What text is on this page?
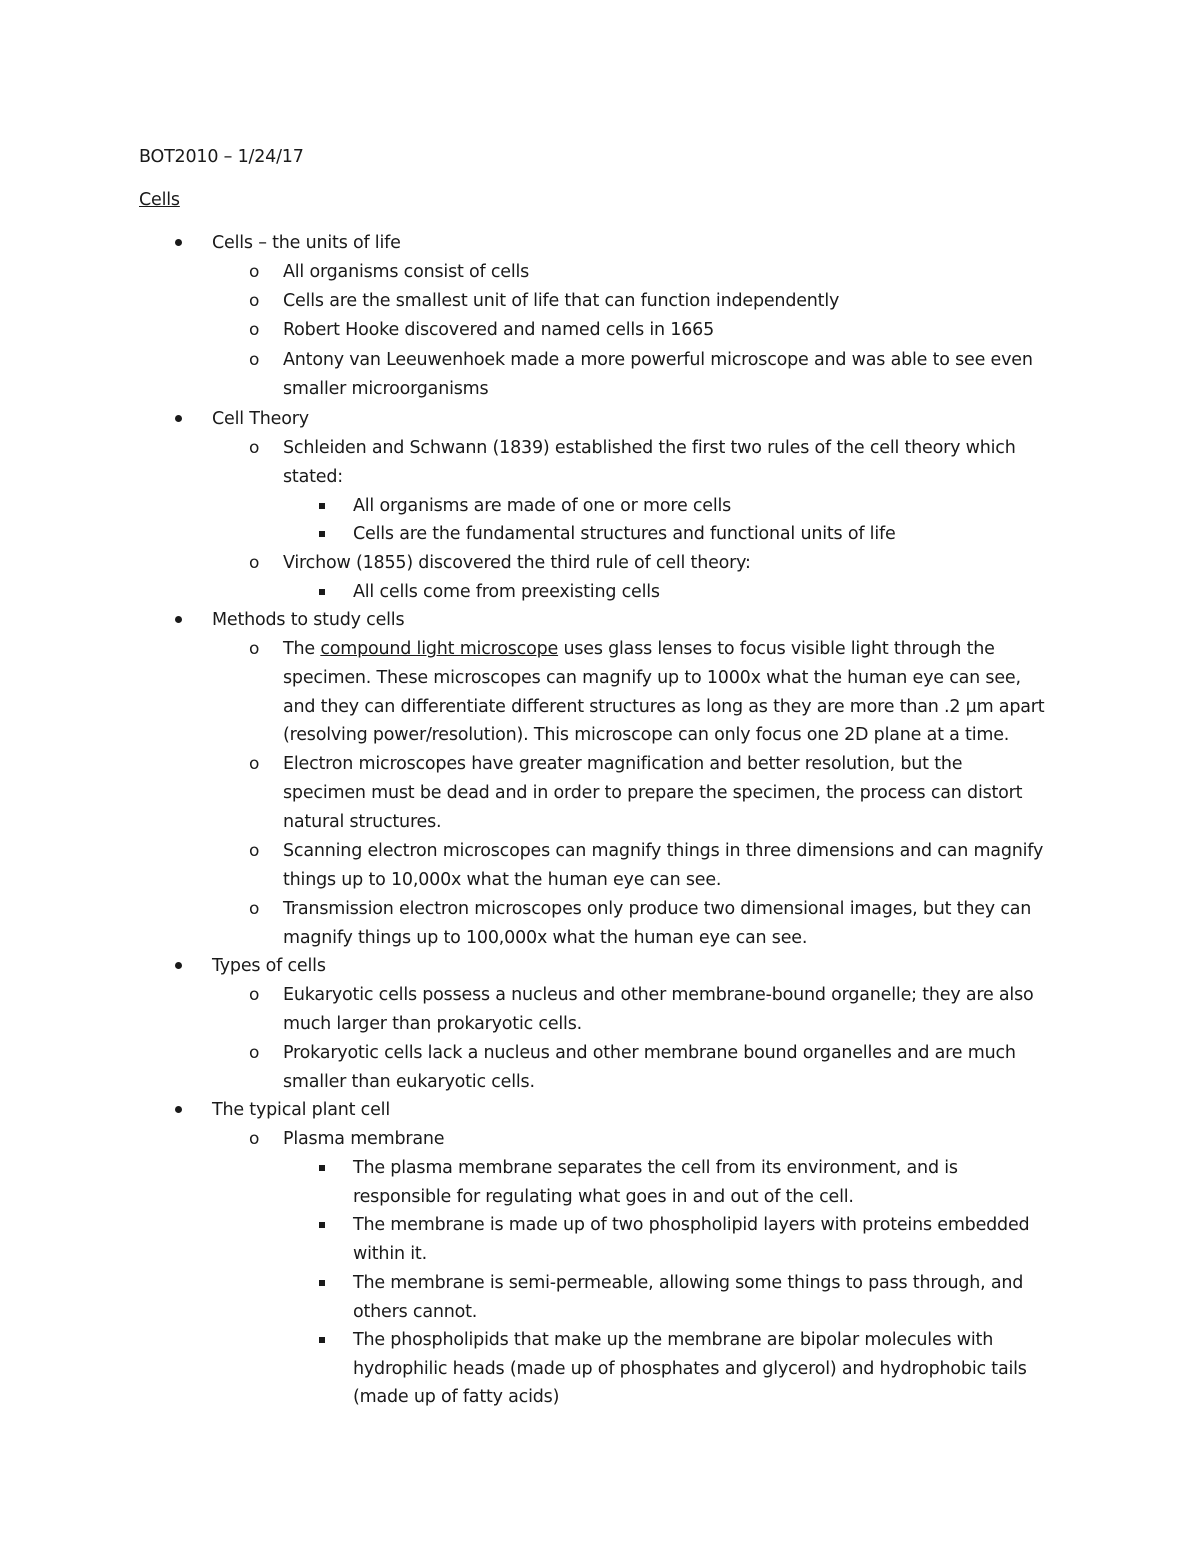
BOT2010 – 1/24/17
Cells
Cells – the units of life
o All organisms consist of cells
o Cells are the smallest unit of life that can function independently
o Robert Hooke discovered and named cells in 1665
o Antony van Leeuwenhoek made a more powerful microscope and was able to see even
smaller microorganisms
Cell Theory
o Schleiden and Schwann (1839) established the first two rules of the cell theory which
stated:
All organisms are made of one or more cells
Cells are the fundamental structures and functional units of life
o Virchow (1855) discovered the third rule of cell theory:
All cells come from preexisting cells
Methods to study cells
o The compound light microscope uses glass lenses to focus visible light through the
specimen. These microscopes can magnify up to 1000x what the human eye can see,
and they can differentiate different structures as long as they are more than .2 µm apart
(resolving power/resolution). This microscope can only focus one 2D plane at a time.
o Electron microscopes have greater magnification and better resolution, but the
specimen must be dead and in order to prepare the specimen, the process can distort
natural structures.
o Scanning electron microscopes can magnify things in three dimensions and can magnify
things up to 10,000x what the human eye can see.
o Transmission electron microscopes only produce two dimensional images, but they can
magnify things up to 100,000x what the human eye can see.
Types of cells
o Eukaryotic cells possess a nucleus and other membrane-bound organelle; they are also
much larger than prokaryotic cells.
o Prokaryotic cells lack a nucleus and other membrane bound organelles and are much
smaller than eukaryotic cells.
The typical plant cell
o Plasma membrane
The plasma membrane separates the cell from its environment, and is
responsible for regulating what goes in and out of the cell.
The membrane is made up of two phospholipid layers with proteins embedded
within it.
The membrane is semi-permeable, allowing some things to pass through, and
others cannot.
The phospholipids that make up the membrane are bipolar molecules with
hydrophilic heads (made up of phosphates and glycerol) and hydrophobic tails
(made up of fatty acids)
